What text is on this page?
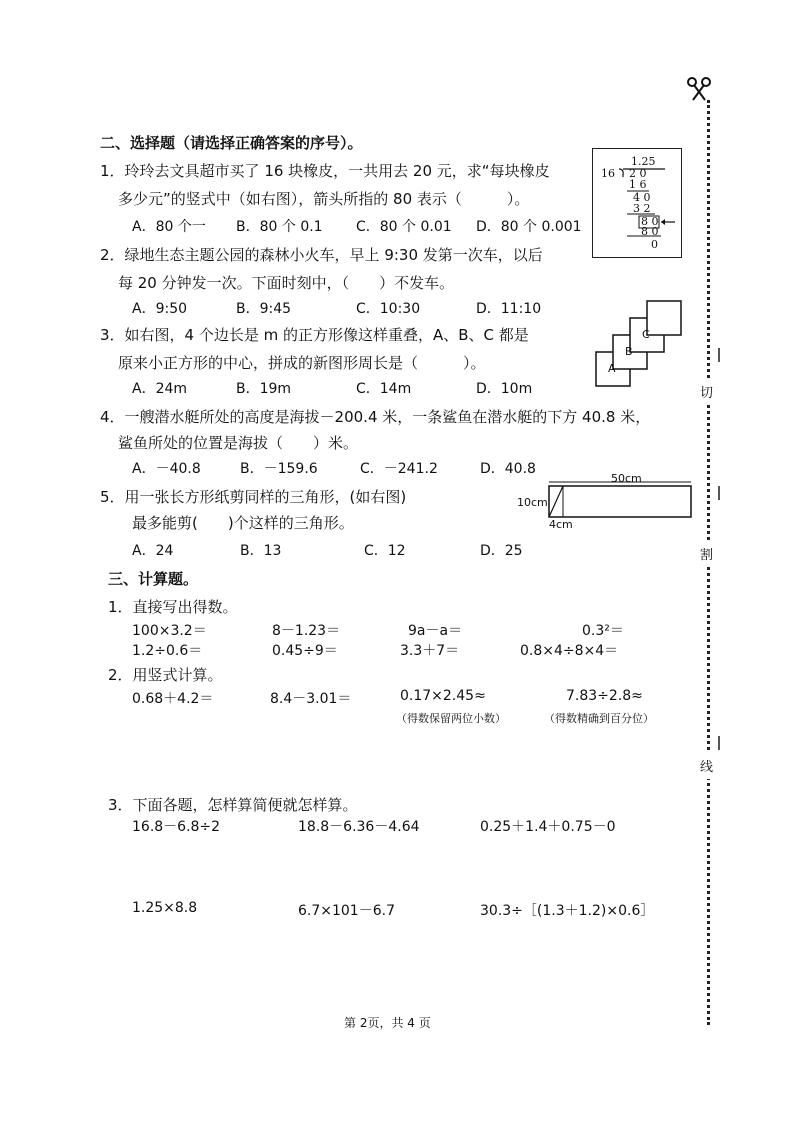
切
割
线
二、选择题（请选择正确答案的序号）。
1．玲玲去文具超市买了 16 块橡皮，一共用去 20 元，求“每块橡皮
多少元”的竖式中（如右图），箭头所指的 80 表示（　　　）。
A．80 个一 B．80 个 0.1 C．80 个 0.01 D．80 个 0.001
1.25
16 2 0
1 6
4 0
3 2
8 0
8 0
0
2．绿地生态主题公园的森林小火车，早上 9:30 发第一次车，以后
每 20 分钟发一次。下面时刻中，（　　）不发车。
A．9:50	B．9:45	C．10:30	D．11:10
3．如右图，4 个边长是 m 的正方形像这样重叠，A、B、C 都是
原来小正方形的中心，拼成的新图形周长是（　　　）。
A．24m	B．19m	C．14m	D．10m
A
B
C
4．一艘潜水艇所处的高度是海拔－200.4 米，一条鲨鱼在潜水艇的下方 40.8 米，
鲨鱼所处的位置是海拔（　　）米。
A．－40.8	B．－159.6	C．－241.2	D．40.8
5．用一张长方形纸剪同样的三角形，(如右图)
最多能剪(　　)个这样的三角形。
A．24	B．13	C．12	D．25
50cm
10cm
4cm
三、计算题。
1．直接写出得数。
100×3.2＝	8－1.23＝	9a－a＝	0.3²＝
1.2÷0.6＝	0.45÷9＝	3.3＋7＝	0.8×4÷8×4＝
2．用竖式计算。
0.68＋4.2＝	8.4－3.01＝	0.17×2.45≈	7.83÷2.8≈
（得数保留两位小数）	（得数精确到百分位）
3．下面各题，怎样算简便就怎样算。
16.8－6.8÷2	18.8－6.36－4.64	0.25＋1.4＋0.75－0
1.25×8.8	6.7×101－6.7	30.3÷［(1.3＋1.2)×0.6］
第 2页，共 4 页
